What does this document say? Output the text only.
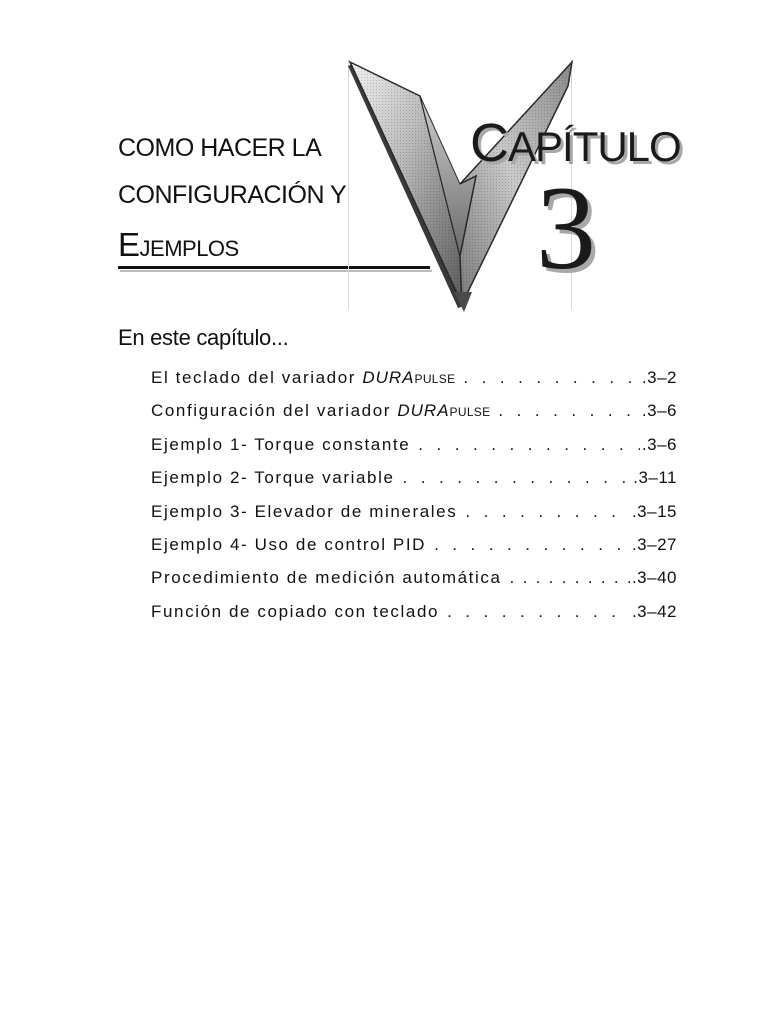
COMO HACER LA
CONFIGURACIÓN Y
EJEMPLOS
CAPÍTULO
3
En este capítulo...
El teclado del variador DURAPULSE . . .	.3–2
Configuración del variador DURAPULSE . . .	.3–6
Ejemplo 1- Torque constante . . .	.3–6
Ejemplo 2- Torque variable . . .	.3–11
Ejemplo 3- Elevador de minerales . . .	.3–15
Ejemplo 4- Uso de control PID . . .	.3–27
Procedimiento de medición automática . . .	.3–40
Función de copiado con teclado . . .	.3–42
